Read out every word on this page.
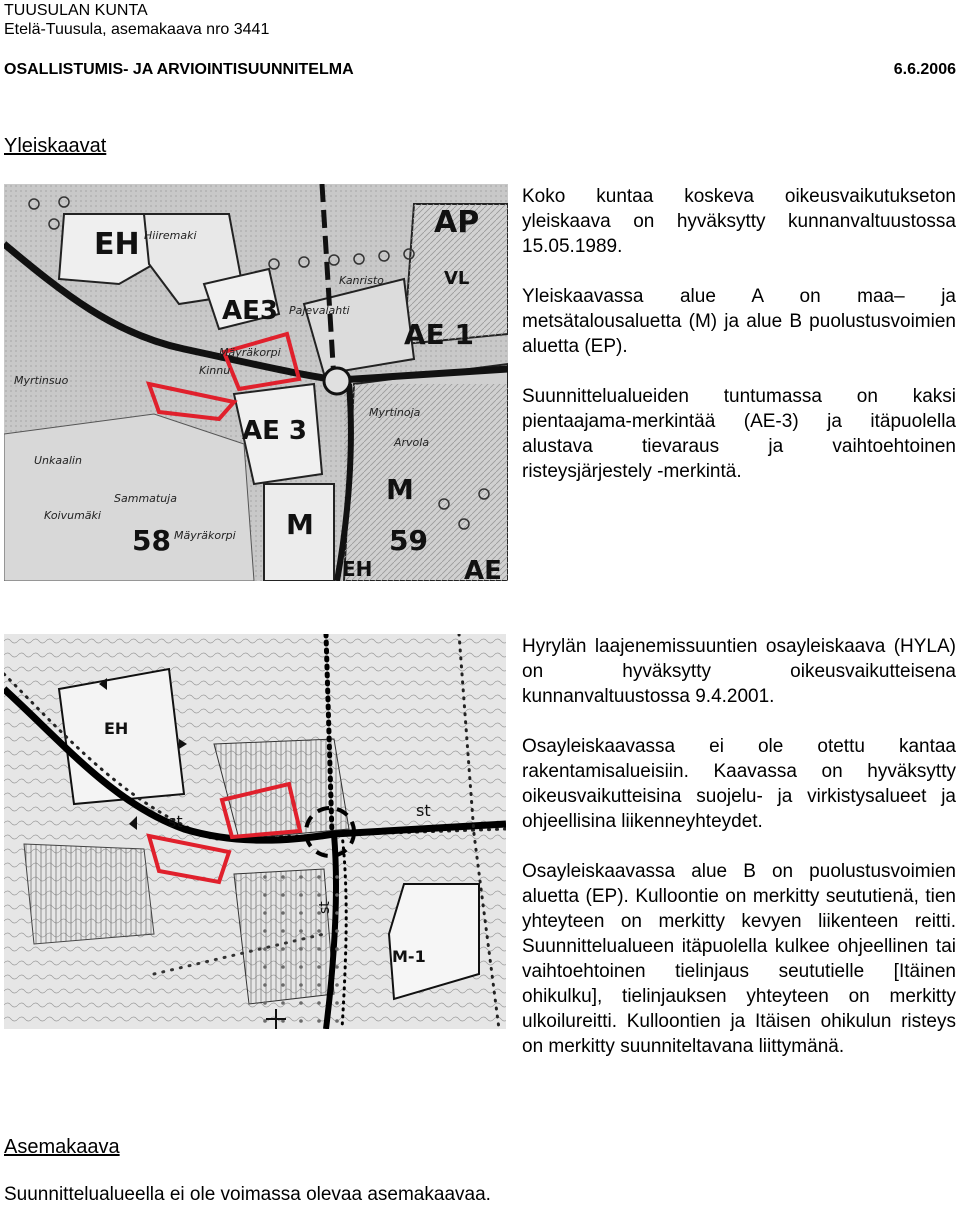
TUUSULAN KUNTA
Etelä-Tuusula, asemakaava nro 3441
OSALLISTUMIS- JA ARVIOINTISUUNNITELMA	6.6.2006
Yleiskaavat
EH
AP
AE3
AE 1
AE 3
M
M
58	59
EH	AE
VL
Myrtinoja
Arvola
Mäyräkorpi
Sammatuja
Koivumäki
Kinnu
Myrtinsuo
Unkaalin
Pajevalahti
Kanristo
Mäyräkorpi
Hiiremaki

Koko kuntaa koskeva oikeusvaikutukseton yleiskaava on hyväksytty kunnanvaltuustossa 15.05.1989.

Yleiskaavassa alue A on maa– ja metsätalousaluetta (M) ja alue B puolustusvoimien aluetta (EP).

Suunnittelualueiden tuntumassa on kaksi pientaajama-merkintää (AE-3) ja itäpuolella alustava tievaraus ja vaihtoehtoinen risteysjärjestely -merkintä.

EH
st
st
st
M-1

Hyrylän laajenemissuuntien osayleiskaava (HYLA) on hyväksytty oikeusvaikutteisena kunnanvaltuustossa 9.4.2001.

Osayleiskaavassa ei ole otettu kantaa rakentamisalueisiin. Kaavassa on hyväksytty oikeusvaikutteisina suojelu- ja virkistysalueet ja ohjeellisina liikenneyhteydet.

Osayleiskaavassa alue B on puolustusvoimien aluetta (EP). Kulloontie on merkitty seututienä, tien yhteyteen on merkitty kevyen liikenteen reitti. Suunnittelualueen itäpuolella kulkee ohjeellinen tai vaihtoehtoinen tielinjaus seututielle [Itäinen ohikulku], tielinjauksen yhteyteen on merkitty ulkoilureitti. Kulloontien ja Itäisen ohikulun risteys on merkitty suunniteltavana liittymänä.

Asemakaava
Suunnittelualueella ei ole voimassa olevaa asemakaavaa.
